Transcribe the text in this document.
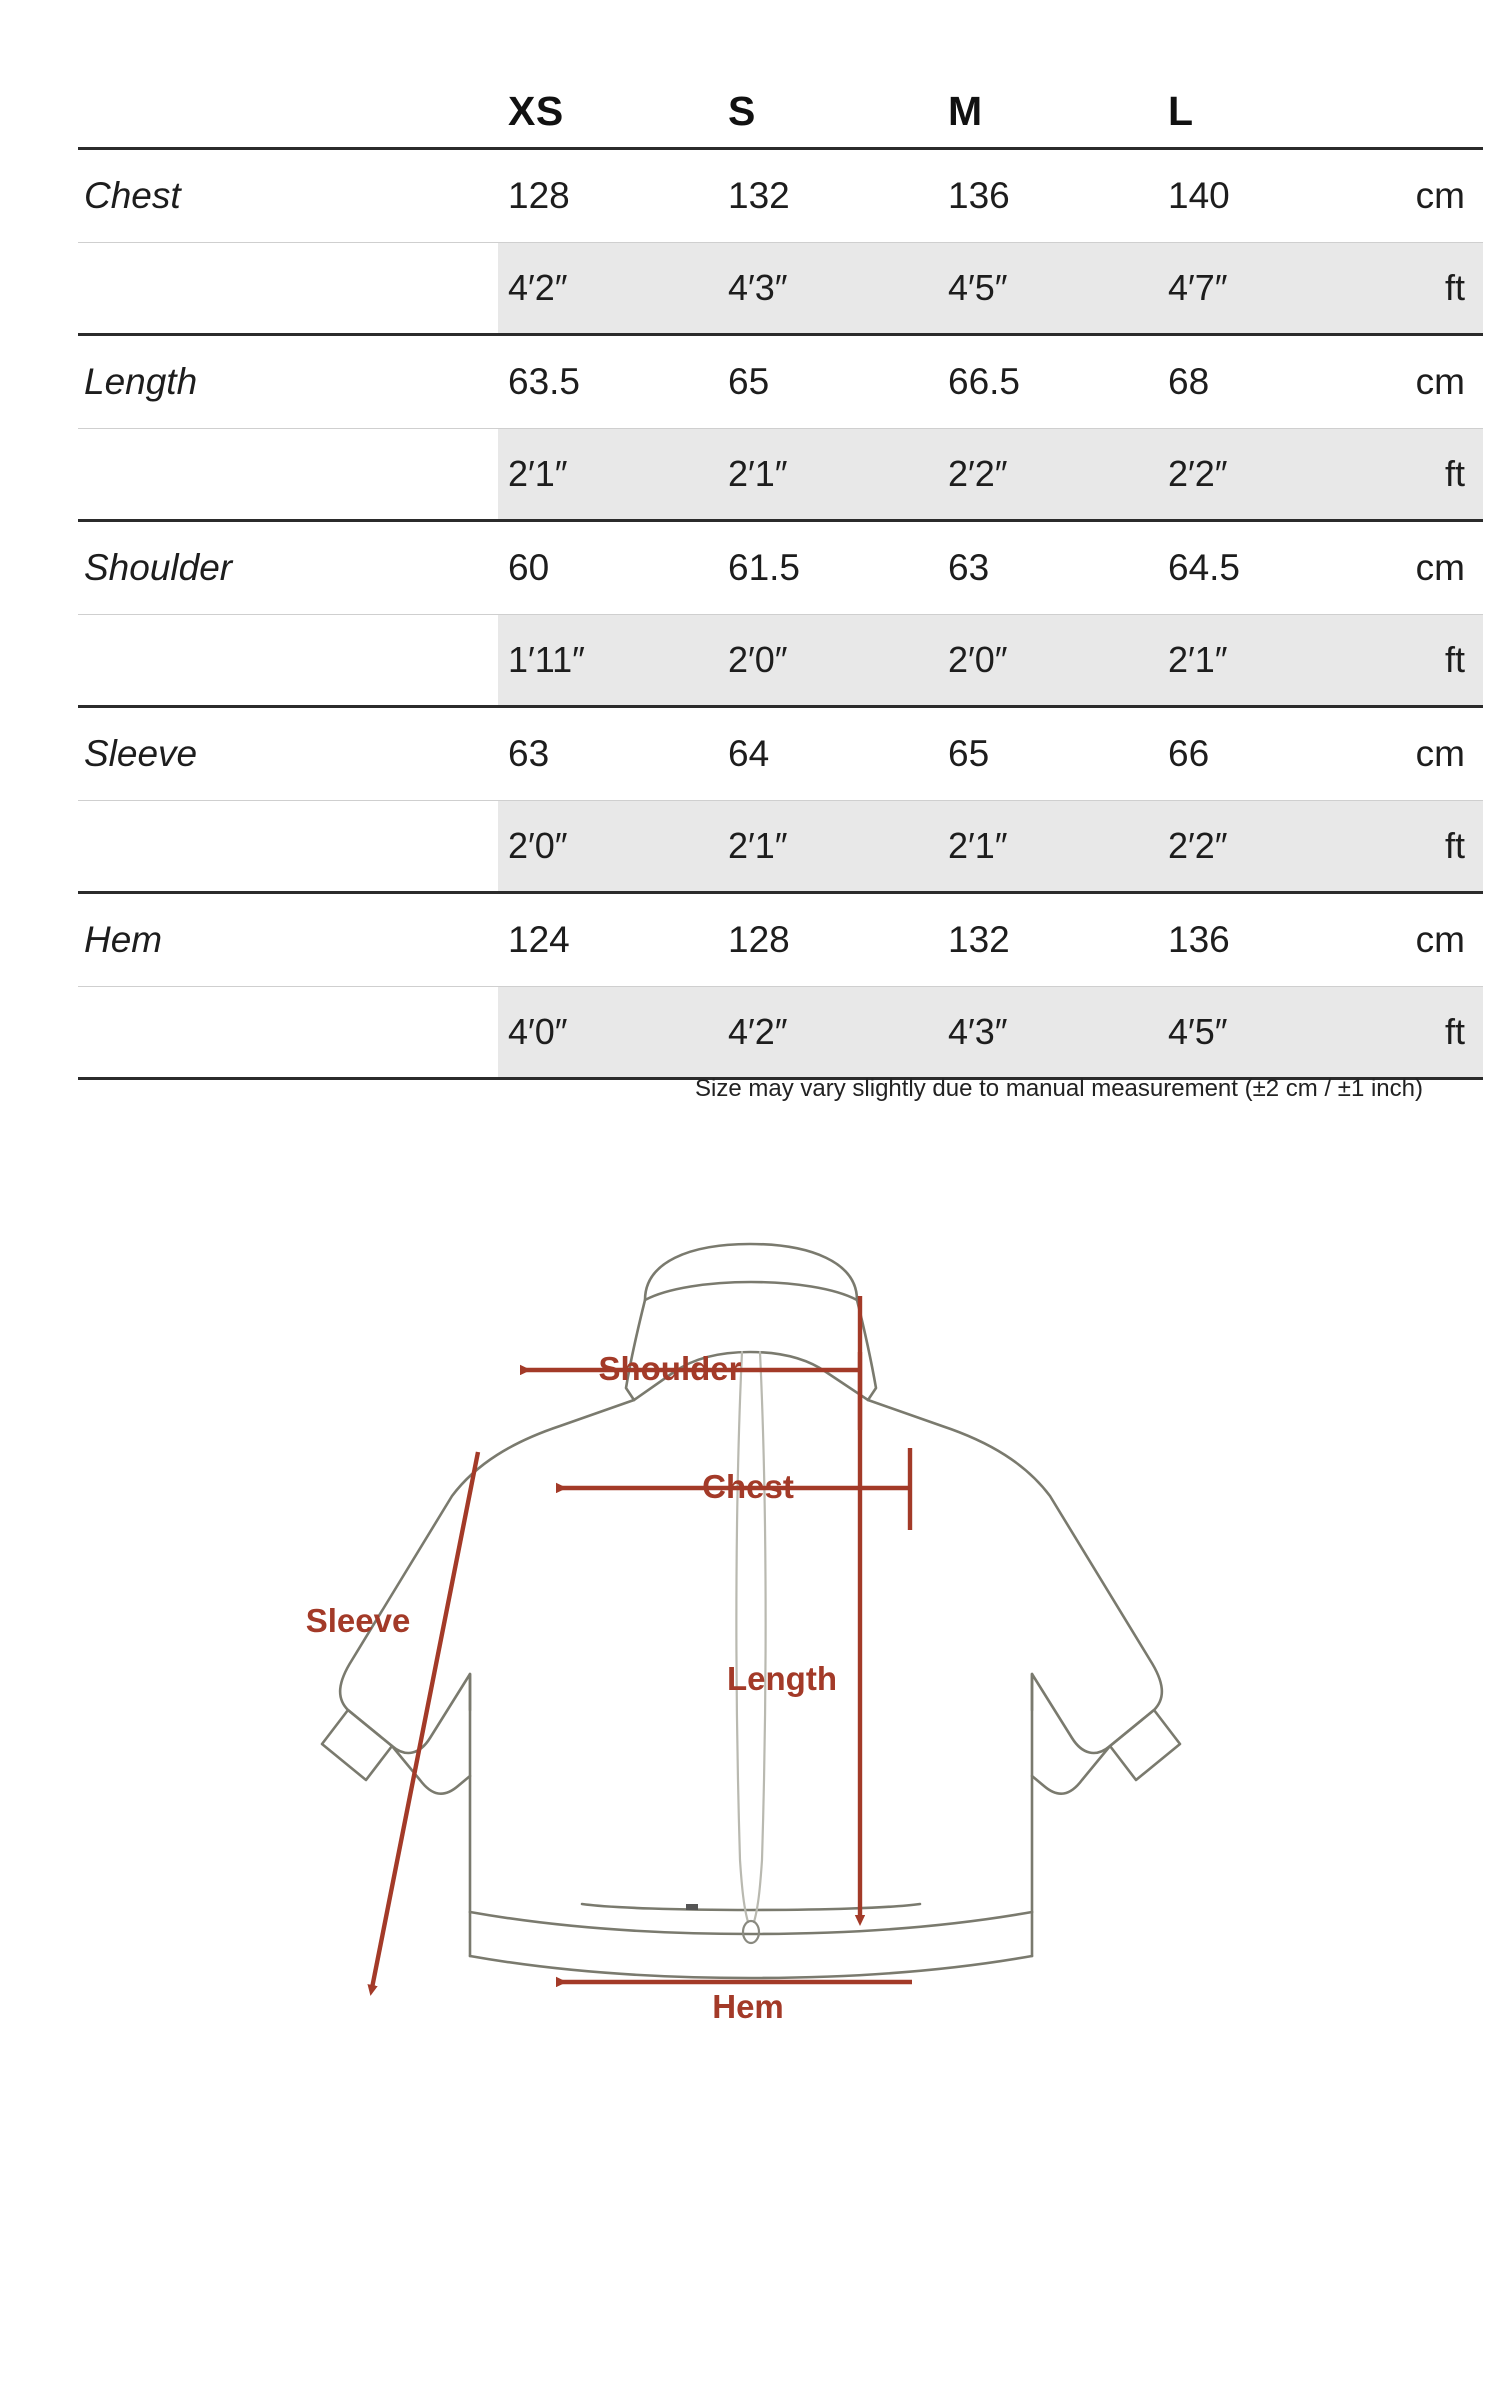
	XS	S	M	L	
Chest	128	132	136	140	cm
	4′2″	4′3″	4′5″	4′7″	ft
Length	63.5	65	66.5	68	cm
	2′1″	2′1″	2′2″	2′2″	ft
Shoulder	60	61.5	63	64.5	cm
	1′11″	2′0″	2′0″	2′1″	ft
Sleeve	63	64	65	66	cm
	2′0″	2′1″	2′1″	2′2″	ft
Hem	124	128	132	136	cm
	4′0″	4′2″	4′3″	4′5″	ft
Size may vary slightly due to manual measurement (±2 cm / ±1 inch)
Shoulder
Chest
Length
Sleeve
Hem
